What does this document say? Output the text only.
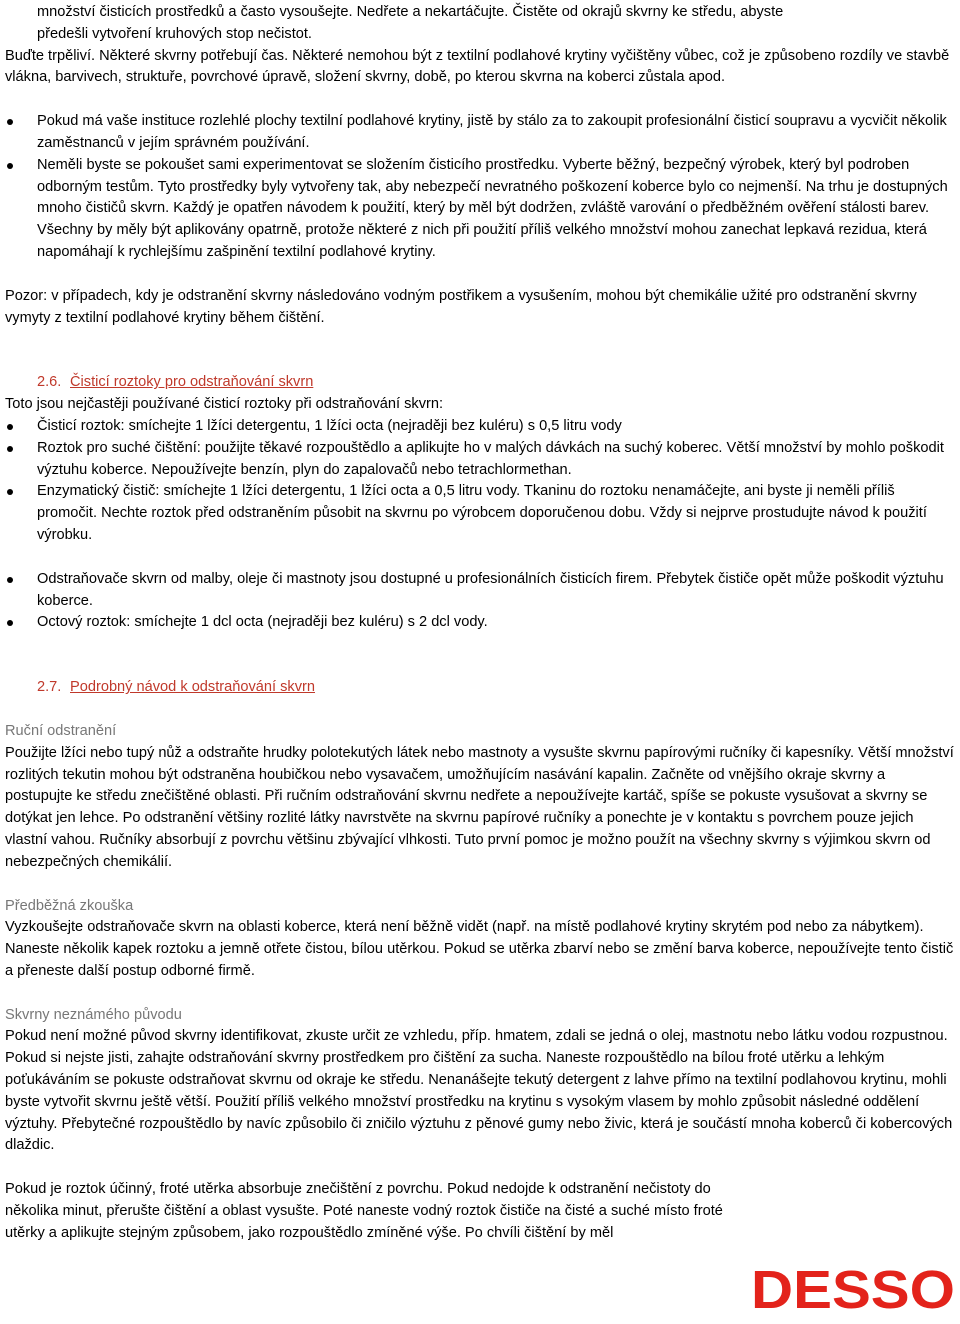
množství čisticích prostředků a často vysoušejte. Nedřete a nekartáčujte. Čistěte od okrajů skvrny ke středu, abyste

předešli vytvoření kruhových stop nečistot.

Buďte trpěliví. Některé skvrny potřebují čas. Některé nemohou být z textilní podlahové krytiny vyčištěny vůbec, což je způsobeno rozdíly ve stavbě vlákna, barvivech, struktuře, povrchové úpravě, složení skvrny, době, po kterou skvrna na koberci zůstala apod.

Pokud má vaše instituce rozlehlé plochy textilní podlahové krytiny, jistě by stálo za to zakoupit profesionální čisticí soupravu a vycvičit několik zaměstnanců v jejím správném používání.
Neměli byste se pokoušet sami experimentovat se složením čisticího prostředku. Vyberte běžný, bezpečný výrobek, který byl podroben odborným testům. Tyto prostředky byly vytvořeny tak, aby nebezpečí nevratného poškození koberce bylo co nejmenší. Na trhu je dostupných mnoho čističů skvrn. Každý je opatřen návodem k použití, který by měl být dodržen, zvláště varování o předběžném ověření stálosti barev. Všechny by měly být aplikovány opatrně, protože některé z nich při použití příliš velkého množství mohou zanechat lepkavá rezidua, která napomáhají k rychlejšímu zašpinění textilní podlahové krytiny.

Pozor: v případech, kdy je odstranění skvrny následováno vodným postřikem a vysušením, mohou být chemikálie užité pro odstranění skvrny vymyty z textilní podlahové krytiny během čištění.

2.6. Čisticí roztoky pro odstraňování skvrn

Toto jsou nejčastěji používané čisticí roztoky při odstraňování skvrn:

Čisticí roztok: smíchejte 1 lžíci detergentu, 1 lžíci octa (nejraději bez kuléru) s 0,5 litru vody
Roztok pro suché čištění: použijte těkavé rozpouštědlo a aplikujte ho v malých dávkách na suchý koberec. Větší množství by mohlo poškodit výztuhu koberce. Nepoužívejte benzín, plyn do zapalovačů nebo tetrachlormethan.
Enzymatický čistič: smíchejte 1 lžíci detergentu, 1 lžíci octa a 0,5 litru vody. Tkaninu do roztoku nenamáčejte, ani byste ji neměli příliš promočit. Nechte roztok před odstraněním působit na skvrnu po výrobcem doporučenou dobu. Vždy si nejprve prostudujte návod k použití výrobku.
Odstraňovače skvrn od malby, oleje či mastnoty jsou dostupné u profesionálních čisticích firem. Přebytek čističe opět může poškodit výztuhu koberce.
Octový roztok: smíchejte 1 dcl octa (nejraději bez kuléru) s 2 dcl vody.

2.7. Podrobný návod k odstraňování skvrn

Ruční odstranění

Použijte lžíci nebo tupý nůž a odstraňte hrudky polotekutých látek nebo mastnoty a vysušte skvrnu papírovými ručníky či kapesníky. Větší množství rozlitých tekutin mohou být odstraněna houbičkou nebo vysavačem, umožňujícím nasávání kapalin. Začněte od vnějšího okraje skvrny a postupujte ke středu znečištěné oblasti. Při ručním odstraňování skvrnu nedřete a nepoužívejte kartáč, spíše se pokuste vysušovat a skvrny se dotýkat jen lehce. Po odstranění většiny rozlité látky navrstvěte na skvrnu papírové ručníky a ponechte je v kontaktu s povrchem pouze jejich vlastní vahou. Ručníky absorbují z povrchu většinu zbývající vlhkosti. Tuto první pomoc je možno použít na všechny skvrny s výjimkou skvrn od nebezpečných chemikálií.

Předběžná zkouška

Vyzkoušejte odstraňovače skvrn na oblasti koberce, která není běžně vidět (např. na místě podlahové krytiny skrytém pod nebo za nábytkem). Naneste několik kapek roztoku a jemně otřete čistou, bílou utěrkou. Pokud se utěrka zbarví nebo se změní barva koberce, nepoužívejte tento čistič a přeneste další postup odborné firmě.

Skvrny neznámého původu

Pokud není možné původ skvrny identifikovat, zkuste určit ze vzhledu, příp. hmatem, zdali se jedná o olej, mastnotu nebo látku vodou rozpustnou. Pokud si nejste jisti, zahajte odstraňování skvrny prostředkem pro čištění za sucha. Naneste rozpouštědlo na bílou froté utěrku a lehkým poťukáváním se pokuste odstraňovat skvrnu od okraje ke středu. Nenanášejte tekutý detergent z lahve přímo na textilní podlahovou krytinu, mohli byste vytvořit skvrnu ještě větší. Použití příliš velkého množství prostředku na krytinu s vysokým vlasem by mohlo způsobit následné oddělení výztuhy. Přebytečné rozpouštědlo by navíc způsobilo či zničilo výztuhu z pěnové gumy nebo živic, která je součástí mnoha koberců či kobercových dlaždic.

Pokud je roztok účinný, froté utěrka absorbuje znečištění z povrchu. Pokud nedojde k odstranění nečistoty do několika minut, přerušte čištění a oblast vysušte. Poté naneste vodný roztok čističe na čisté a suché místo froté utěrky a aplikujte stejným způsobem, jako rozpouštědlo zmíněné výše. Po chvíli čištění by měl

DESSO
